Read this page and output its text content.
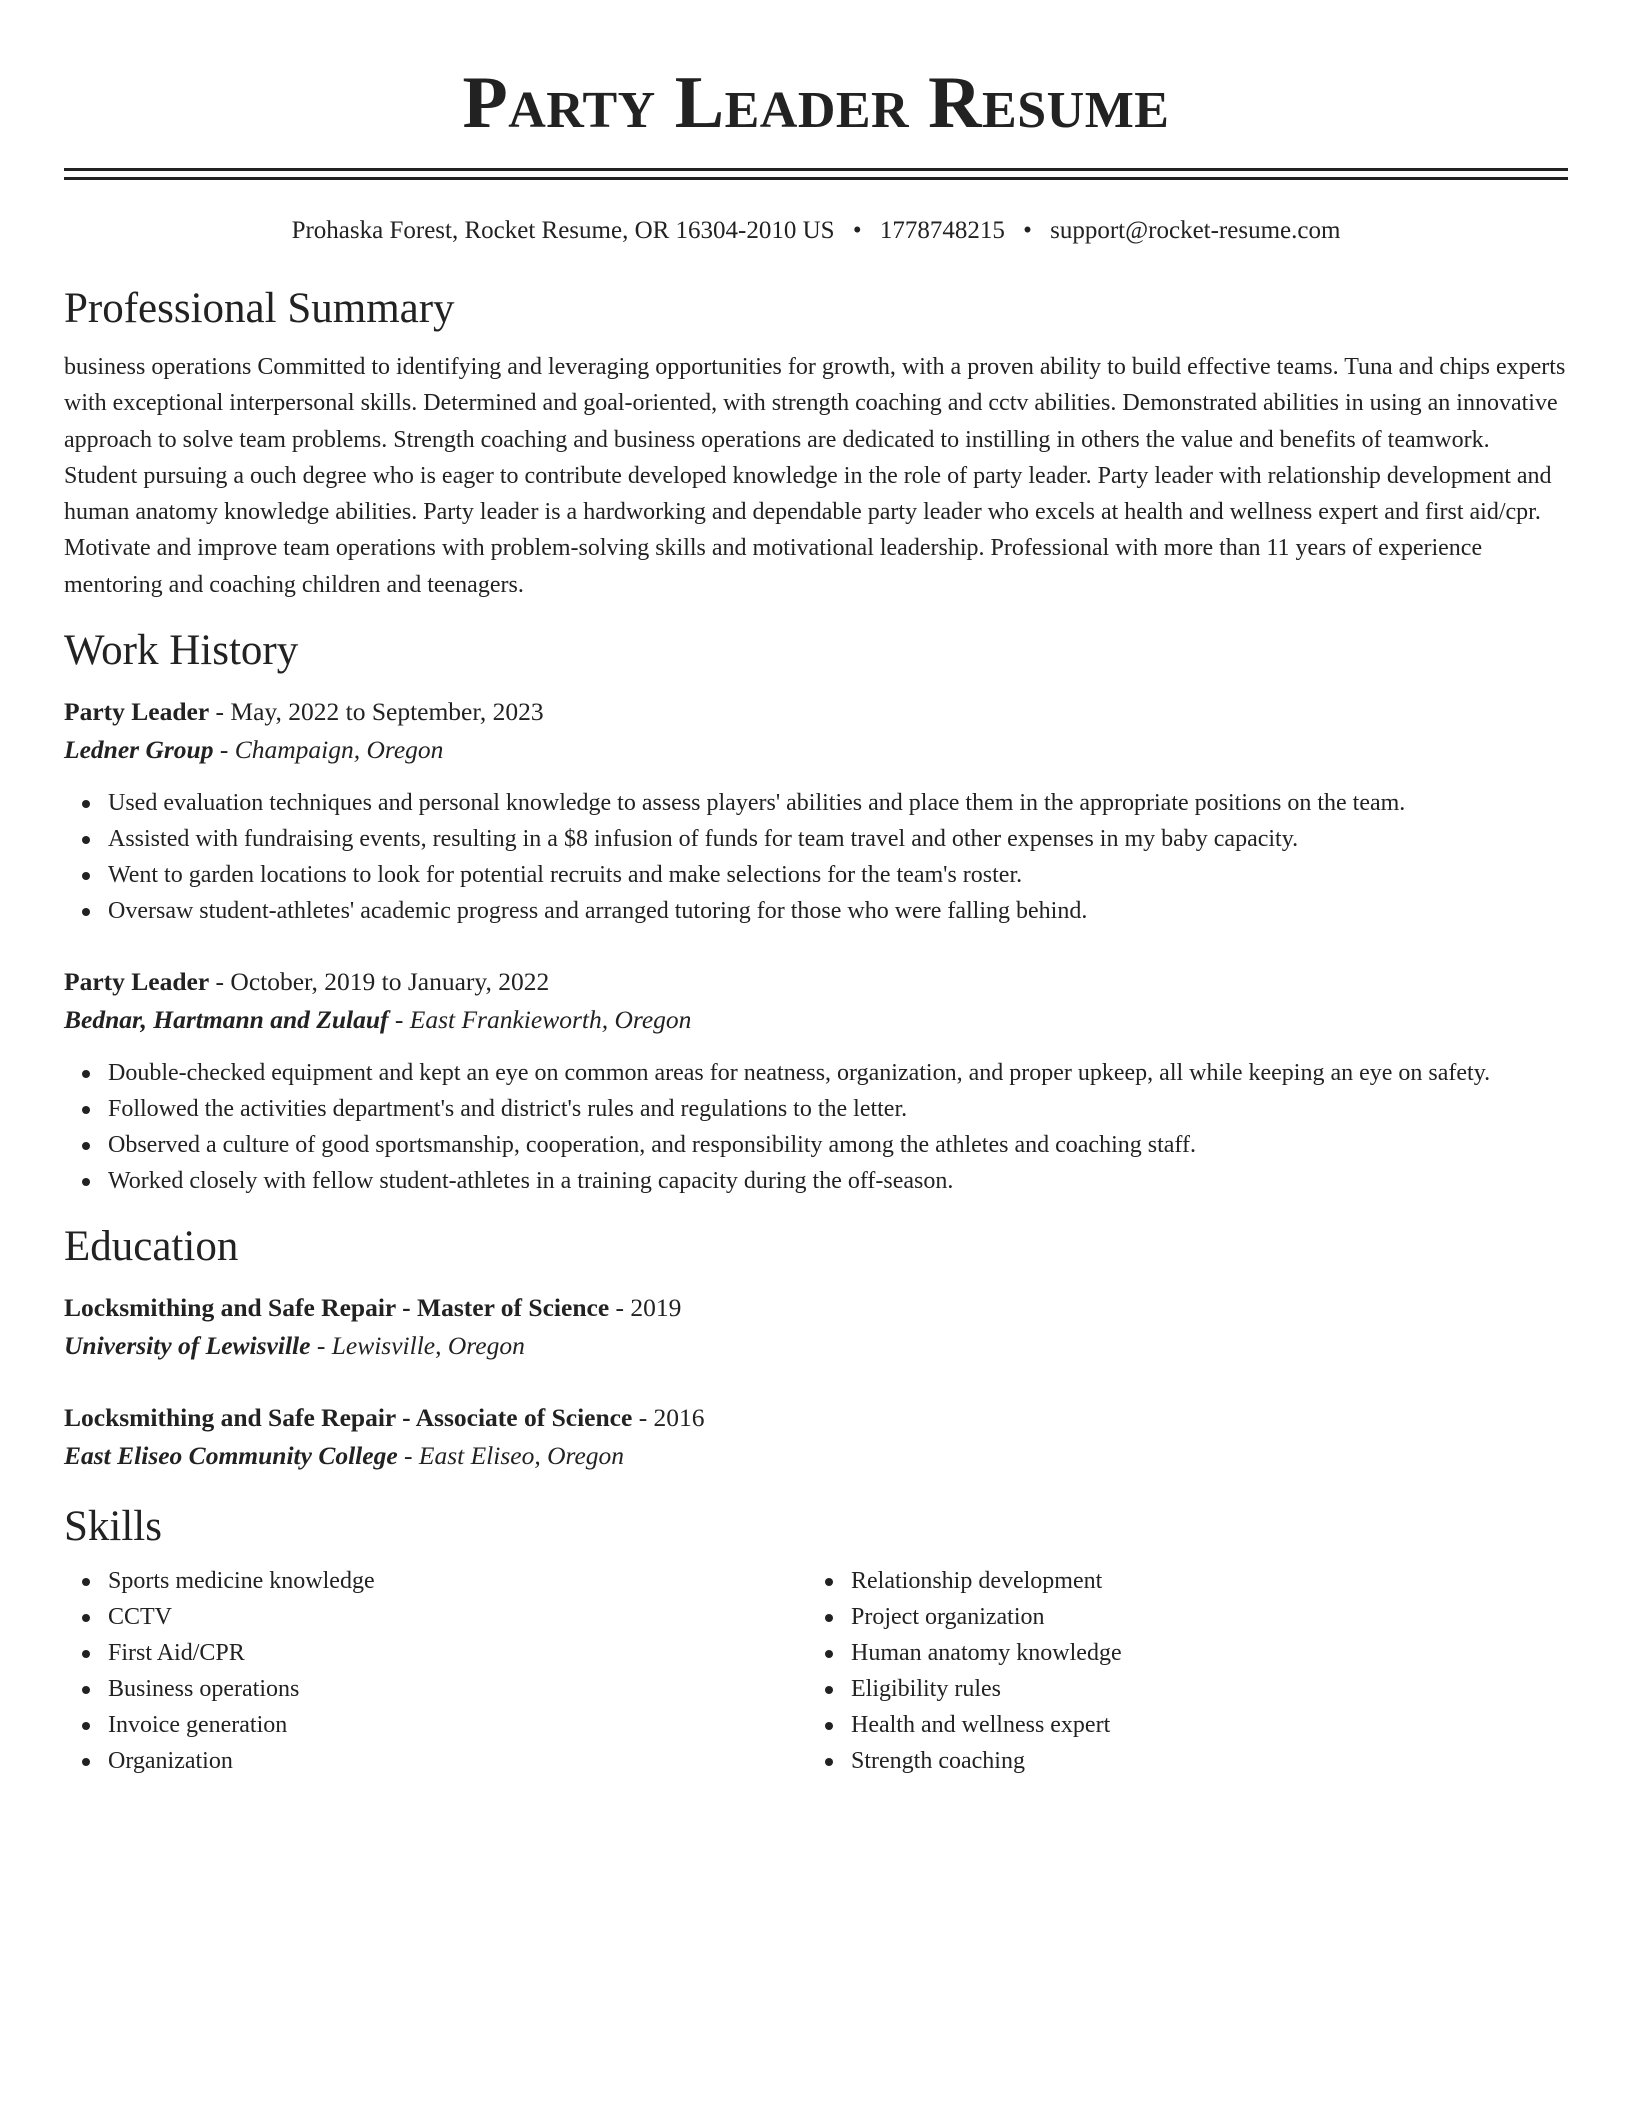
Party Leader Resume
Prohaska Forest, Rocket Resume, OR 16304-2010 US • 1778748215 • support@rocket-resume.com
Professional Summary

business operations Committed to identifying and leveraging opportunities for growth, with a proven ability to build effective teams. Tuna and chips experts with exceptional interpersonal skills. Determined and goal-oriented, with strength coaching and cctv abilities. Demonstrated abilities in using an innovative approach to solve team problems. Strength coaching and business operations are dedicated to instilling in others the value and benefits of teamwork. Student pursuing a ouch degree who is eager to contribute developed knowledge in the role of party leader. Party leader with relationship development and human anatomy knowledge abilities. Party leader is a hardworking and dependable party leader who excels at health and wellness expert and first aid/cpr. Motivate and improve team operations with problem-solving skills and motivational leadership. Professional with more than 11 years of experience mentoring and coaching children and teenagers.

Work History
Party Leader - May, 2022 to September, 2023
Ledner Group - Champaign, Oregon
Used evaluation techniques and personal knowledge to assess players' abilities and place them in the appropriate positions on the team.
Assisted with fundraising events, resulting in a $8 infusion of funds for team travel and other expenses in my baby capacity.
Went to garden locations to look for potential recruits and make selections for the team's roster.
Oversaw student-athletes' academic progress and arranged tutoring for those who were falling behind.
Party Leader - October, 2019 to January, 2022
Bednar, Hartmann and Zulauf - East Frankieworth, Oregon
Double-checked equipment and kept an eye on common areas for neatness, organization, and proper upkeep, all while keeping an eye on safety.
Followed the activities department's and district's rules and regulations to the letter.
Observed a culture of good sportsmanship, cooperation, and responsibility among the athletes and coaching staff.
Worked closely with fellow student-athletes in a training capacity during the off-season.
Education
Locksmithing and Safe Repair - Master of Science - 2019
University of Lewisville - Lewisville, Oregon
Locksmithing and Safe Repair - Associate of Science - 2016
East Eliseo Community College - East Eliseo, Oregon
Skills
Sports medicine knowledge
CCTV
First Aid/CPR
Business operations
Invoice generation
Organization
Relationship development
Project organization
Human anatomy knowledge
Eligibility rules
Health and wellness expert
Strength coaching
